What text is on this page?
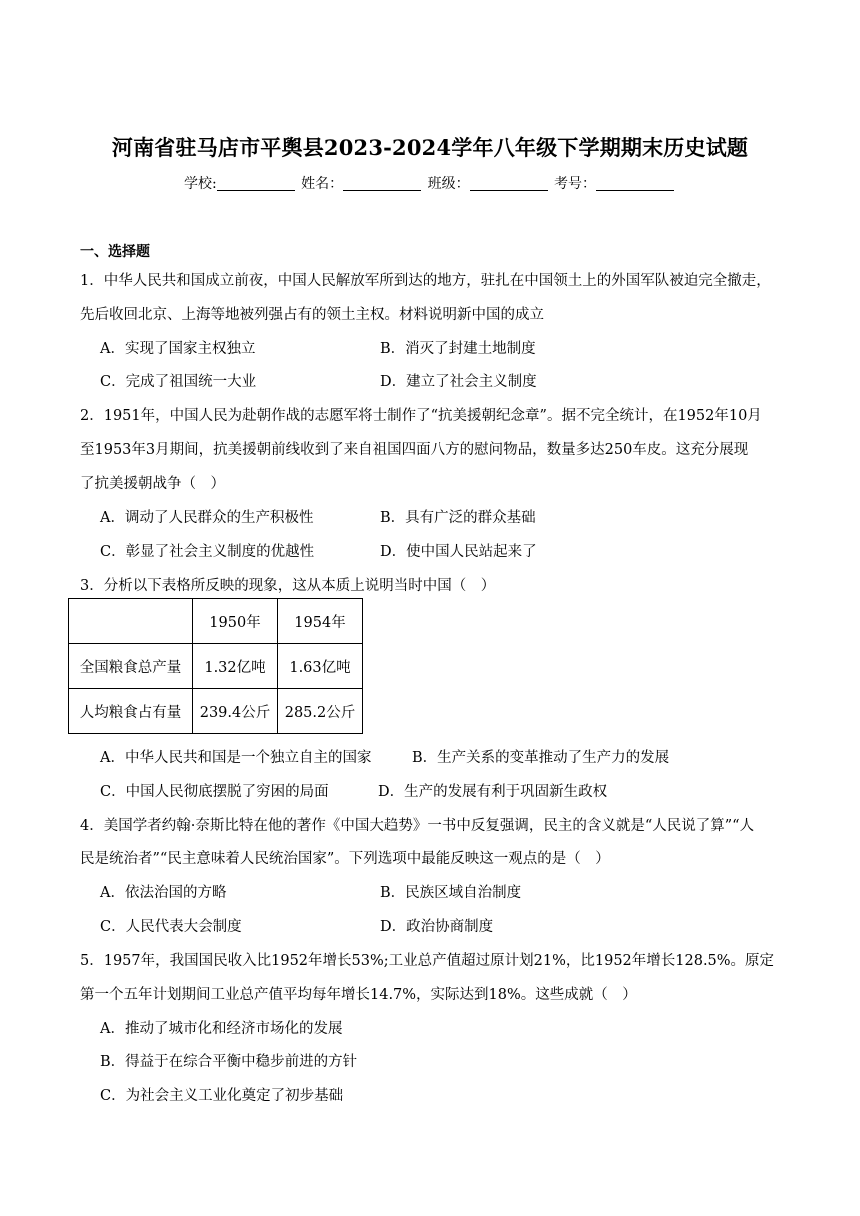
河南省驻马店市平舆县2023-2024学年八年级下学期期末历史试题
学校:	姓名：	班级：	考号：
一、选择题
1．中华人民共和国成立前夜，中国人民解放军所到达的地方，驻扎在中国领土上的外国军队被迫完全撤走，
先后收回北京、上海等地被列强占有的领土主权。材料说明新中国的成立
A．实现了国家主权独立	B．消灭了封建土地制度
C．完成了祖国统一大业	D．建立了社会主义制度
2．1951年，中国人民为赴朝作战的志愿军将士制作了“抗美援朝纪念章”。据不完全统计，在1952年10月
至1953年3月期间，抗美援朝前线收到了来自祖国四面八方的慰问物品，数量多达250车皮。这充分展现
了抗美援朝战争（　）
A．调动了人民群众的生产积极性	B．具有广泛的群众基础
C．彰显了社会主义制度的优越性	D．使中国人民站起来了
3．分析以下表格所反映的现象，这从本质上说明当时中国（　）
	1950年	1954年
全国粮食总产量	1.32亿吨	1.63亿吨
人均粮食占有量	239.4公斤	285.2公斤
A．中华人民共和国是一个独立自主的国家	B．生产关系的变革推动了生产力的发展
C．中国人民彻底摆脱了穷困的局面	D．生产的发展有利于巩固新生政权
4．美国学者约翰·奈斯比特在他的著作《中国大趋势》一书中反复强调，民主的含义就是“人民说了算”“人
民是统治者”“民主意味着人民统治国家”。下列选项中最能反映这一观点的是（　）
A．依法治国的方略	B．民族区域自治制度
C．人民代表大会制度	D．政治协商制度
5．1957年，我国国民收入比1952年增长53%;工业总产值超过原计划21%，比1952年增长128.5%。原定
第一个五年计划期间工业总产值平均每年增长14.7%，实际达到18%。这些成就（　）
A．推动了城市化和经济市场化的发展
B．得益于在综合平衡中稳步前进的方针
C．为社会主义工业化奠定了初步基础
